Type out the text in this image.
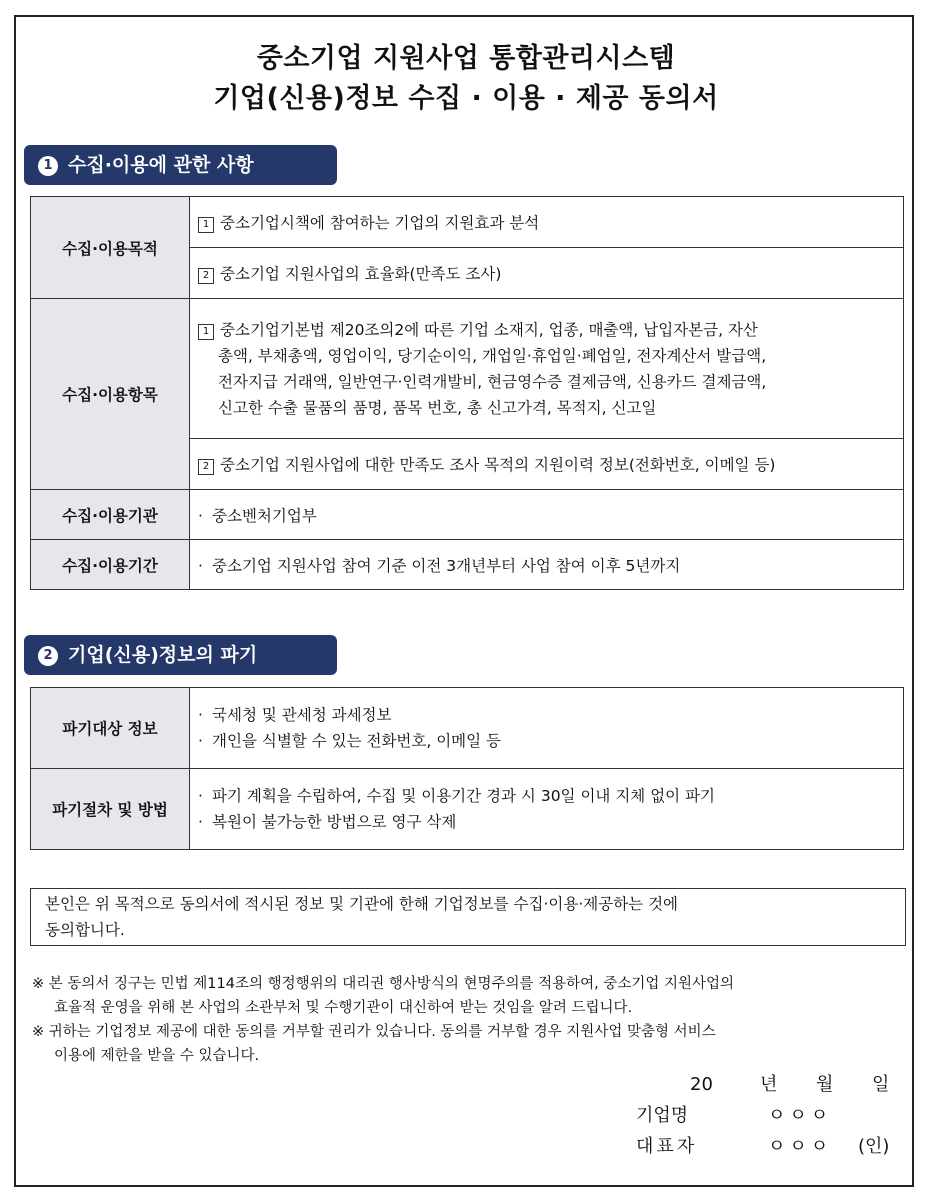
중소기업 지원사업 통합관리시스템
기업(신용)정보 수집 · 이용 · 제공 동의서
1 수집·이용에 관한 사항
수집·이용목적	1 중소기업시책에 참여하는 기업의 지원효과 분석
	2 중소기업 지원사업의 효율화(만족도 조사)
수집·이용항목	1 중소기업기본법 제20조의2에 따른 기업 소재지, 업종, 매출액, 납입자본금, 자산
총액, 부채총액, 영업이익, 당기순이익, 개업일·휴업일·폐업일, 전자계산서 발급액,
전자지급 거래액, 일반연구·인력개발비, 현금영수증 결제금액, 신용카드 결제금액,
신고한 수출 물품의 품명, 품목 번호, 총 신고가격, 목적지, 신고일

	2 중소기업 지원사업에 대한 만족도 조사 목적의 지원이력 정보(전화번호, 이메일 등)
수집·이용기관	· 중소벤처기업부
수집·이용기간	· 중소기업 지원사업 참여 기준 이전 3개년부터 사업 참여 이후 5년까지
2 기업(신용)정보의 파기
파기대상 정보	· 국세청 및 관세청 과세정보
· 개인을 식별할 수 있는 전화번호, 이메일 등

파기절차 및 방법	· 파기 계획을 수립하여, 수집 및 이용기간 경과 시 30일 이내 지체 없이 파기
· 복원이 불가능한 방법으로 영구 삭제
본인은 위 목적으로 동의서에 적시된 정보 및 기관에 한해 기업정보를 수집·이용·제공하는 것에
동의합니다.
※ 본 동의서 징구는 민법 제114조의 행정행위의 대리권 행사방식의 현명주의를 적용하여, 중소기업 지원사업의
효율적 운영을 위해 본 사업의 소관부처 및 수행기관이 대신하여 받는 것임을 알려 드립니다.
※ 귀하는 기업정보 제공에 대한 동의를 거부할 권리가 있습니다. 동의를 거부할 경우 지원사업 맞춤형 서비스
이용에 제한을 받을 수 있습니다.
20	년 월 일
기업명	ㅇㅇㅇ
대표자	ㅇㅇㅇ (인)
